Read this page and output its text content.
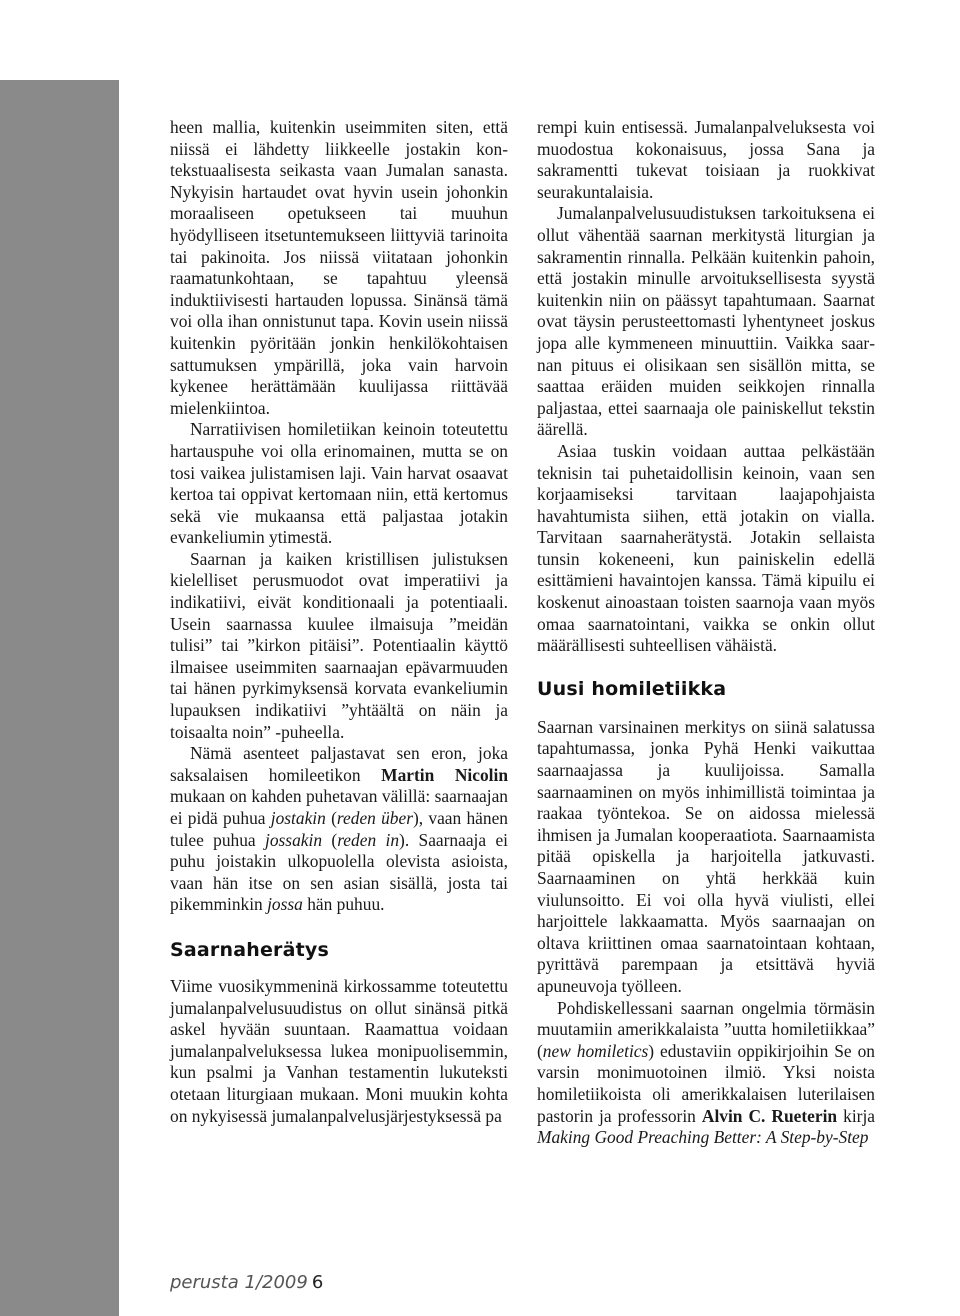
heen mallia, kuitenkin useimmiten siten, että niissä ei lähdetty liikkeelle jostakin kontekstuaalisesta seikasta vaan Jumalan sanasta. Nykyisin hartaudet ovat hyvin usein johonkin moraaliseen opetukseen tai muuhun hyödylliseen itsetuntemukseen liittyviä tarinoita tai pakinoita. Jos niissä viitataan johonkin raamatunkohtaan, se tapahtuu yleensä induktiivisesti hartauden lopussa. Sinänsä tämä voi olla ihan onnistunut tapa. Kovin usein niissä kuitenkin pyöritään jonkin henkilökohtaisen sattumuksen ympärillä, joka vain harvoin kykenee herättämään kuulijassa riittävää mielenkiintoa.

Narratiivisen homiletiikan keinoin toteutettu hartauspuhe voi olla erinomainen, mutta se on tosi vaikea julistamisen laji. Vain harvat osaavat kertoa tai oppivat kertomaan niin, että kertomus sekä vie mukaansa että paljastaa jotakin evankeliumin ytimestä.

Saarnan ja kaiken kristillisen julistuksen kielelliset perusmuodot ovat imperatiivi ja indikatiivi, eivät konditionaali ja potentiaali. Usein saarnassa kuulee ilmaisuja ”meidän tulisi” tai ”kirkon pitäisi”. Potentiaalin käyttö ilmaisee useimmiten saarnaajan epävarmuuden tai hänen pyrkimyksensä korvata evankeliumin lupauksen indikatiivi ”yhtäältä on näin ja toisaalta noin” -puheella.

Nämä asenteet paljastavat sen eron, joka saksalaisen homileetikon Martin Nicolin mukaan on kahden puhetavan välillä: saarnaajan ei pidä puhua jostakin (reden über), vaan hänen tulee puhua jossakin (reden in). Saarnaaja ei puhu joistakin ulkopuolella olevista asioista, vaan hän itse on sen asian sisällä, josta tai pikemminkin jossa hän puhuu.

Saarnaherätys

Viime vuosikymmeninä kirkossamme toteutettu jumalanpalvelusuudistus on ollut sinänsä pitkä askel hyvään suuntaan. Raamattua voidaan jumalanpalveluksessa lukea monipuolisemmin, kun psalmi ja Vanhan testamentin lukuteksti otetaan liturgiaan mukaan. Moni muukin kohta on nykyisessä jumalanpalvelusjärjestyksessä pa

rempi kuin entisessä. Jumalanpalveluksesta voi muodostua kokonaisuus, jossa Sana ja sakramentti tukevat toisiaan ja ruokkivat seurakuntalaisia.

Jumalanpalvelusuudistuksen tarkoituksena ei ollut vähentää saarnan merkitystä liturgian ja sakramentin rinnalla. Pelkään kuitenkin pahoin, että jostakin minulle arvoituksellisesta syystä kuitenkin niin on päässyt tapahtumaan. Saarnat ovat täysin perusteettomasti lyhentyneet joskus jopa alle kymmeneen minuuttiin. Vaikka saarnan pituus ei olisikaan sen sisällön mitta, se saattaa eräiden muiden seikkojen rinnalla paljastaa, ettei saarnaaja ole painiskellut tekstin äärellä.

Asiaa tuskin voidaan auttaa pelkästään teknisin tai puhetaidollisin keinoin, vaan sen korjaamiseksi tarvitaan laajapohjaista havahtumista siihen, että jotakin on vialla. Tarvitaan saarnaherätystä. Jotakin sellaista tunsin kokeneeni, kun painiskelin edellä esittämieni havaintojen kanssa. Tämä kipuilu ei koskenut ainoastaan toisten saarnoja vaan myös omaa saarnatointani, vaikka se onkin ollut määrällisesti suhteellisen vähäistä.

Uusi homiletiikka

Saarnan varsinainen merkitys on siinä salatussa tapahtumassa, jonka Pyhä Henki vaikuttaa saarnaajassa ja kuulijoissa. Samalla saarnaaminen on myös inhimillistä toimintaa ja raakaa työntekoa. Se on aidossa mielessä ihmisen ja Jumalan kooperaatiota. Saarnaamista pitää opiskella ja harjoitella jatkuvasti. Saarnaaminen on yhtä herkkää kuin viulunsoitto. Ei voi olla hyvä viulisti, ellei harjoittele lakkaamatta. Myös saarnaajan on oltava kriittinen omaa saarnatointaan kohtaan, pyrittävä parempaan ja etsittävä hyviä apuneuvoja työlleen.

Pohdiskellessani saarnan ongelmia törmäsin muutamiin amerikkalaista ”uutta homiletiikkaa” (new homiletics) edustaviin oppikirjoihin Se on varsin monimuotoinen ilmiö. Yksi noista homiletiikoista oli amerikkalaisen luterilaisen pastorin ja professorin Alvin C. Rueterin kirja Making Good Preaching Better: A Step-by-Step

perusta 1/2009 6
